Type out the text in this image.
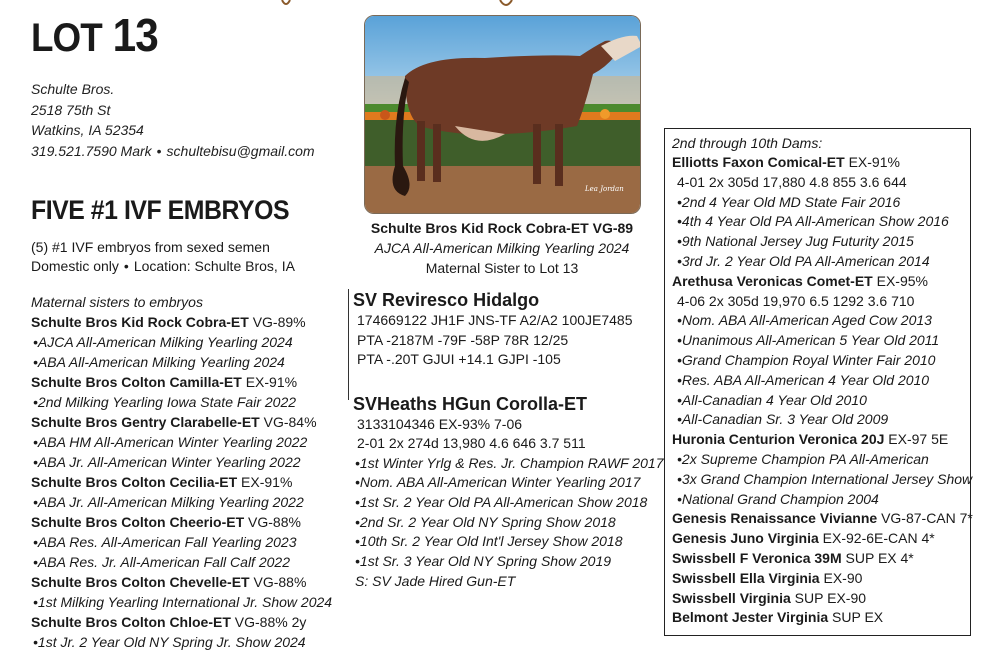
LOT 13
Schulte Bros.
2518 75th St
Watkins, IA 52354
319.521.7590 Mark • schultebisu@gmail.com
FIVE #1 IVF EMBRYOS
(5) #1 IVF embryos from sexed semen
Domestic only • Location: Schulte Bros, IA
Maternal sisters to embryos
Schulte Bros Kid Rock Cobra-ET VG-89%
•AJCA All-American Milking Yearling 2024
•ABA All-American Milking Yearling 2024
Schulte Bros Colton Camilla-ET EX-91%
•2nd Milking Yearling Iowa State Fair 2022
Schulte Bros Gentry Clarabelle-ET VG-84%
•ABA HM All-American Winter Yearling 2022
•ABA Jr. All-American Winter Yearling 2022
Schulte Bros Colton Cecilia-ET EX-91%
•ABA Jr. All-American Milking Yearling 2022
Schulte Bros Colton Cheerio-ET VG-88%
•ABA Res. All-American Fall Yearling 2023
•ABA Res. Jr. All-American Fall Calf 2022
Schulte Bros Colton Chevelle-ET VG-88%
•1st Milking Yearling International Jr. Show 2024
Schulte Bros Colton Chloe-ET VG-88% 2y
•1st Jr. 2 Year Old NY Spring Jr. Show 2024
Lea Jordan
Schulte Bros Kid Rock Cobra-ET VG-89
AJCA All-American Milking Yearling 2024
Maternal Sister to Lot 13
SV Reviresco Hidalgo
174669122 JH1F JNS-TF A2/A2 100JE7485
PTA -2187M -79F -58P 78R 12/25
PTA -.20T GJUI +14.1 GJPI -105
SVHeaths HGun Corolla-ET
3133104346 EX-93% 7-06
2-01 2x 274d 13,980 4.6 646 3.7 511
•1st Winter Yrlg & Res. Jr. Champion RAWF 2017
•Nom. ABA All-American Winter Yearling 2017
•1st Sr. 2 Year Old PA All-American Show 2018
•2nd Sr. 2 Year Old NY Spring Show 2018
•10th Sr. 2 Year Old Int'l Jersey Show 2018
•1st Sr. 3 Year Old NY Spring Show 2019
S: SV Jade Hired Gun-ET
2nd through 10th Dams:
Elliotts Faxon Comical-ET EX-91%
4-01 2x 305d 17,880 4.8 855 3.6 644
•2nd 4 Year Old MD State Fair 2016
•4th 4 Year Old PA All-American Show 2016
•9th National Jersey Jug Futurity 2015
•3rd Jr. 2 Year Old PA All-American 2014
Arethusa Veronicas Comet-ET EX-95%
4-06 2x 305d 19,970 6.5 1292 3.6 710
•Nom. ABA All-American Aged Cow 2013
•Unanimous All-American 5 Year Old 2011
•Grand Champion Royal Winter Fair 2010
•Res. ABA All-American 4 Year Old 2010
•All-Canadian 4 Year Old 2010
•All-Canadian Sr. 3 Year Old 2009
Huronia Centurion Veronica 20J EX-97 5E
•2x Supreme Champion PA All-American
•3x Grand Champion International Jersey Show
•National Grand Champion 2004
Genesis Renaissance Vivianne VG-87-CAN 7*
Genesis Juno Virginia EX-92-6E-CAN 4*
Swissbell F Veronica 39M SUP EX 4*
Swissbell Ella Virginia EX-90
Swissbell Virginia SUP EX-90
Belmont Jester Virginia SUP EX
